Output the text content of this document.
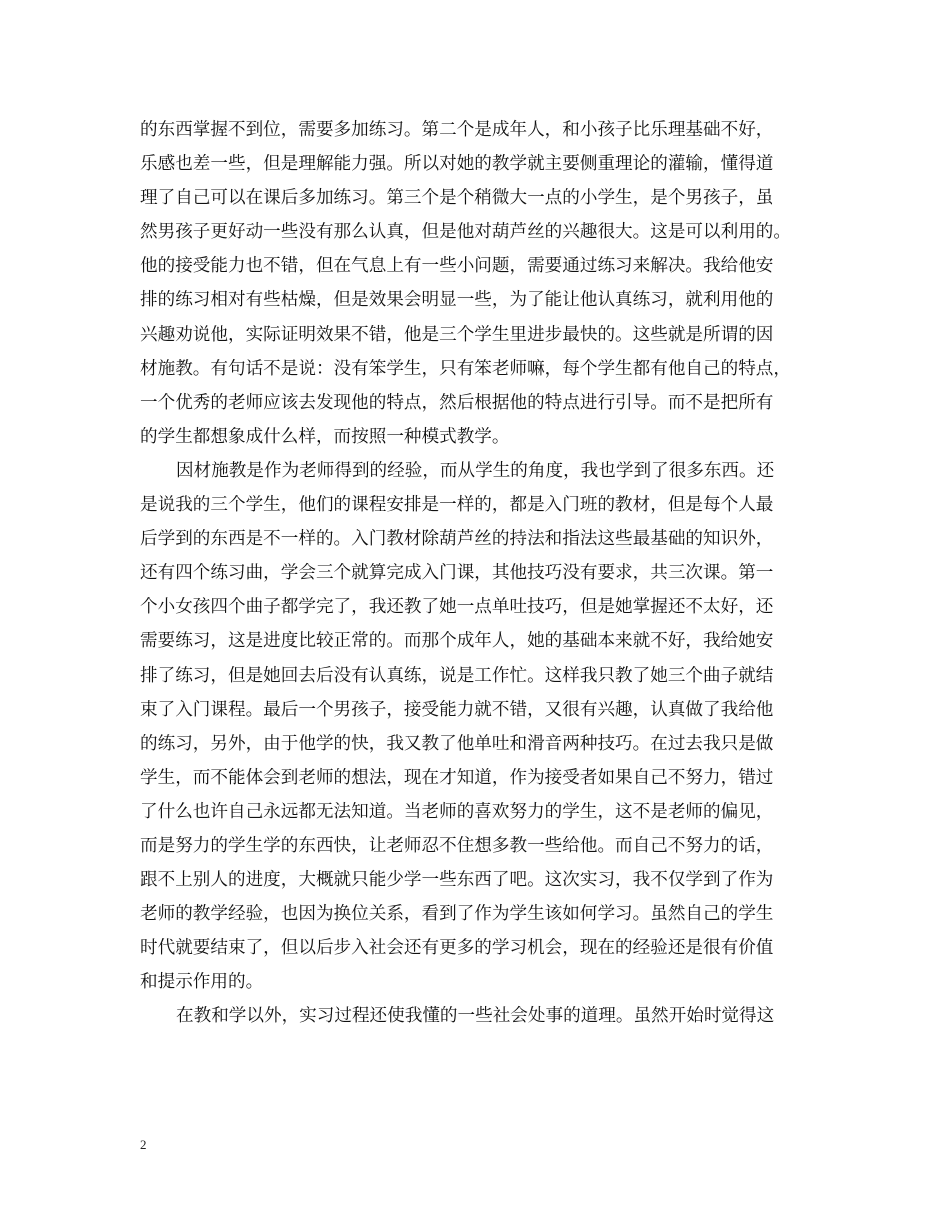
的东西掌握不到位，需要多加练习。第二个是成年人，和小孩子比乐理基础不好，
乐感也差一些，但是理解能力强。所以对她的教学就主要侧重理论的灌输，懂得道
理了自己可以在课后多加练习。第三个是个稍微大一点的小学生，是个男孩子，虽
然男孩子更好动一些没有那么认真，但是他对葫芦丝的兴趣很大。这是可以利用的。
他的接受能力也不错，但在气息上有一些小问题，需要通过练习来解决。我给他安
排的练习相对有些枯燥，但是效果会明显一些，为了能让他认真练习，就利用他的
兴趣劝说他，实际证明效果不错，他是三个学生里进步最快的。这些就是所谓的因
材施教。有句话不是说：没有笨学生，只有笨老师嘛，每个学生都有他自己的特点，
一个优秀的老师应该去发现他的特点，然后根据他的特点进行引导。而不是把所有
的学生都想象成什么样，而按照一种模式教学。
因材施教是作为老师得到的经验，而从学生的角度，我也学到了很多东西。还
是说我的三个学生，他们的课程安排是一样的，都是入门班的教材，但是每个人最
后学到的东西是不一样的。入门教材除葫芦丝的持法和指法这些最基础的知识外，
还有四个练习曲，学会三个就算完成入门课，其他技巧没有要求，共三次课。第一
个小女孩四个曲子都学完了，我还教了她一点单吐技巧，但是她掌握还不太好，还
需要练习，这是进度比较正常的。而那个成年人，她的基础本来就不好，我给她安
排了练习，但是她回去后没有认真练，说是工作忙。这样我只教了她三个曲子就结
束了入门课程。最后一个男孩子，接受能力就不错，又很有兴趣，认真做了我给他
的练习，另外，由于他学的快，我又教了他单吐和滑音两种技巧。在过去我只是做
学生，而不能体会到老师的想法，现在才知道，作为接受者如果自己不努力，错过
了什么也许自己永远都无法知道。当老师的喜欢努力的学生，这不是老师的偏见，
而是努力的学生学的东西快，让老师忍不住想多教一些给他。而自己不努力的话，
跟不上别人的进度，大概就只能少学一些东西了吧。这次实习，我不仅学到了作为
老师的教学经验，也因为换位关系，看到了作为学生该如何学习。虽然自己的学生
时代就要结束了，但以后步入社会还有更多的学习机会，现在的经验还是很有价值
和提示作用的。
在教和学以外，实习过程还使我懂的一些社会处事的道理。虽然开始时觉得这
2
